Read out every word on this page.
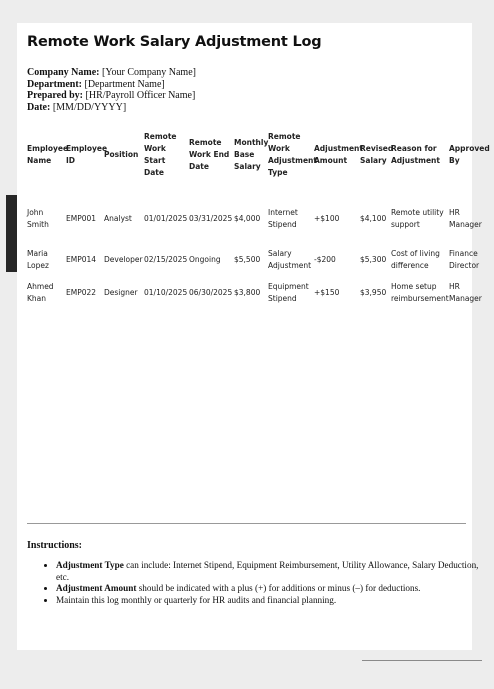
Remote Work Salary Adjustment Log
Company Name: [Your Company Name]
Department: [Department Name]
Prepared by: [HR/Payroll Officer Name]
Date: [MM/DD/YYYY]
Employee Name	Employee ID	Position	Remote Work Start Date	Remote Work End Date	Monthly Base Salary	Remote Work Adjustment Type	Adjustment Amount	Revised Salary	Reason for Adjustment	Approved By
John Smith	EMP001	Analyst	01/01/2025	03/31/2025	$4,000	Internet Stipend	+$100	$4,100	Remote utility support	HR Manager
Maria Lopez	EMP014	Developer	02/15/2025	Ongoing	$5,500	Salary Adjustment	-$200	$5,300	Cost of living difference	Finance Director
Ahmed Khan	EMP022	Designer	01/10/2025	06/30/2025	$3,800	Equipment Stipend	+$150	$3,950	Home setup reimbursement	HR Manager
Instructions:
• Adjustment Type can include: Internet Stipend, Equipment Reimbursement, Utility Allowance, Salary Deduction, etc.
• Adjustment Amount should be indicated with a plus (+) for additions or minus (–) for deductions.
• Maintain this log monthly or quarterly for HR audits and financial planning.
